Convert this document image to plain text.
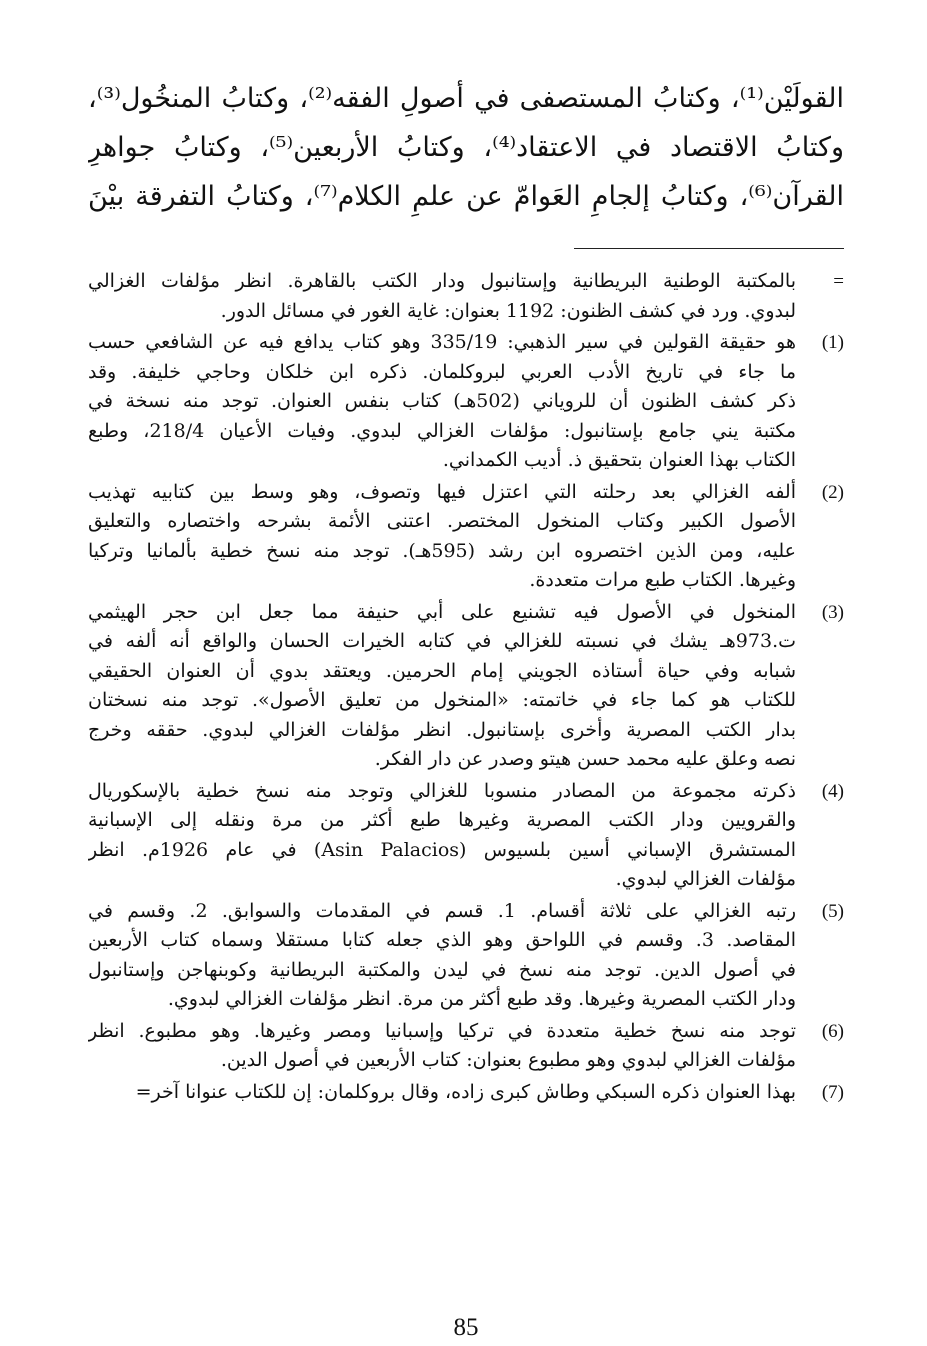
القولَيْن⁽¹⁾، وكتابُ المستصفى في أصولِ الفقه⁽²⁾، وكتابُ المنخُول⁽³⁾،
وكتابُ الاقتصاد في الاعتقاد⁽⁴⁾، وكتابُ الأربعين⁽⁵⁾، وكتابُ جواهرِ
القرآن⁽⁶⁾، وكتابُ إلجامِ العَوامّ عن علمِ الكلام⁽⁷⁾، وكتابُ التفرقة بيْنَ
=
بالمكتبة الوطنية البريطانية وإستانبول ودار الكتب بالقاهرة. انظر مؤلفات الغزالي
لبدوي. ورد في كشف الظنون: 1192 بعنوان: غاية الغور في مسائل الدور.
(1)
هو حقيقة القولين في سير الذهبي: 335/19 وهو كتاب يدافع فيه عن الشافعي حسب
ما جاء في تاريخ الأدب العربي لبروكلمان. ذكره ابن خلكان وحاجي خليفة. وقد
ذكر كشف الظنون أن للروياني (502هـ) كتاب بنفس العنوان. توجد منه نسخة في
مكتبة يني جامع بإستانبول: مؤلفات الغزالي لبدوي. وفيات الأعيان 218/4، وطبع
الكتاب بهذا العنوان بتحقيق ذ. أديب الكمداني.
(2)
ألفه الغزالي بعد رحلته التي اعتزل فيها وتصوف، وهو وسط بين كتابيه تهذيب
الأصول الكبير وكتاب المنخول المختصر. اعتنى الأئمة بشرحه واختصاره والتعليق
عليه، ومن الذين اختصروه ابن رشد (595هـ). توجد منه نسخ خطية بألمانيا وتركيا
وغيرها. الكتاب طبع مرات متعددة.
(3)
المنخول في الأصول فيه تشنيع على أبي حنيفة مما جعل ابن حجر الهيثمي
ت.973هـ يشك في نسبته للغزالي في كتابه الخيرات الحسان والواقع أنه ألفه في
شبابه وفي حياة أستاذه الجويني إمام الحرمين. ويعتقد بدوي أن العنوان الحقيقي
للكتاب هو كما جاء في خاتمته: «المنخول من تعليق الأصول». توجد منه نسختان
بدار الكتب المصرية وأخرى بإستانبول. انظر مؤلفات الغزالي لبدوي. حققه وخرج
نصه وعلق عليه محمد حسن هيتو وصدر عن دار الفكر.
(4)
ذكرته مجموعة من المصادر منسوبا للغزالي وتوجد منه نسخ خطية بالإسكوريال
والقرويين ودار الكتب المصرية وغيرها طبع أكثر من مرة ونقله إلى الإسبانية
المستشرق الإسباني أسين بلسيوس (Asin Palacios) في عام 1926م. انظر
مؤلفات الغزالي لبدوي.
(5)
رتبه الغزالي على ثلاثة أقسام. 1. قسم في المقدمات والسوابق. 2. وقسم في
المقاصد. 3. وقسم في اللواحق وهو الذي جعله كتابا مستقلا وسماه كتاب الأربعين
في أصول الدين. توجد منه نسخ في ليدن والمكتبة البريطانية وكوبنهاجن وإستانبول
ودار الكتب المصرية وغيرها. وقد طبع أكثر من مرة. انظر مؤلفات الغزالي لبدوي.
(6)
توجد منه نسخ خطية متعددة في تركيا وإسبانيا ومصر وغيرها. وهو مطبوع. انظر
مؤلفات الغزالي لبدوي وهو مطبوع بعنوان: كتاب الأربعين في أصول الدين.
(7)
بهذا العنوان ذكره السبكي وطاش كبرى زاده، وقال بروكلمان: إن للكتاب عنوانا آخر=
85
